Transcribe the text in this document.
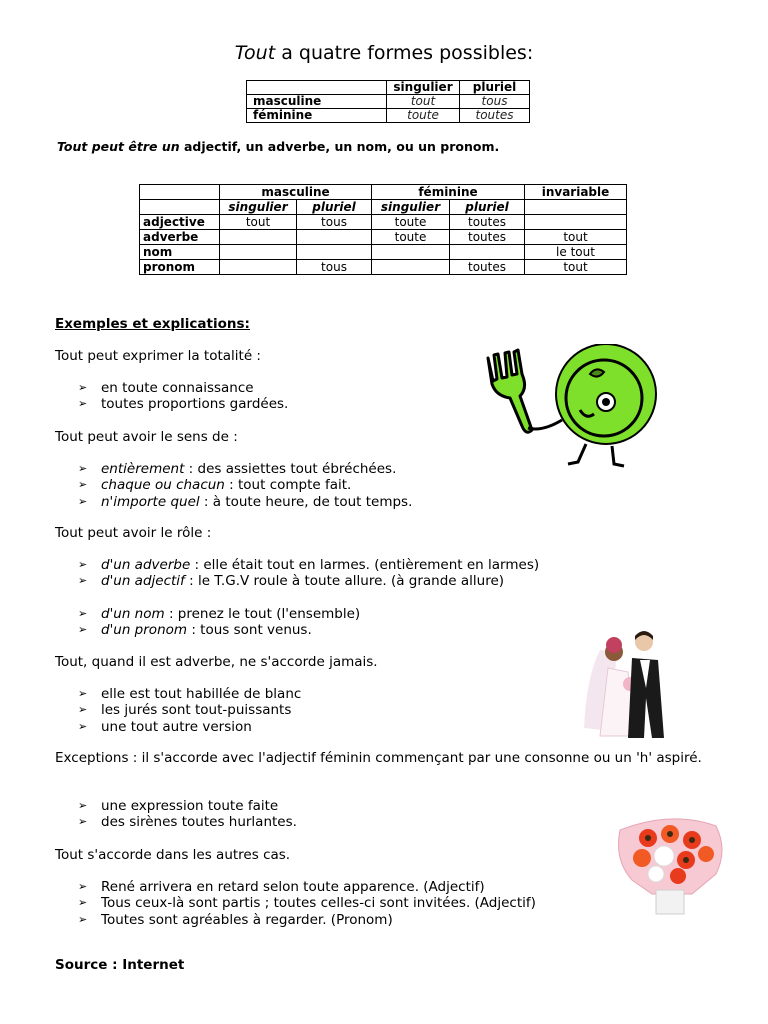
Tout a quatre formes possibles:
	singulier	pluriel
masculine	tout	tous
féminine	toute	toutes
Tout peut être un adjectif, un adverbe, un nom, ou un pronom.
	masculine		féminine		invariable
	singulier	pluriel	singulier	pluriel	
adjective	tout	tous	toute	toutes	
adverbe			toute	toutes	tout
nom					le tout
pronom		tous		toutes	tout
Exemples et explications:
Tout peut exprimer la totalité :
➢ en toute connaissance
➢ toutes proportions gardées.
Tout peut avoir le sens de :
➢ entièrement : des assiettes tout ébréchées.
➢ chaque ou chacun : tout compte fait.
➢ n'importe quel : à toute heure, de tout temps.
Tout peut avoir le rôle :
➢ d'un adverbe : elle était tout en larmes. (entièrement en larmes)
➢ d'un adjectif : le T.G.V roule à toute allure. (à grande allure)
➢ d'un nom : prenez le tout (l'ensemble)
➢ d'un pronom : tous sont venus.
Tout, quand il est adverbe, ne s'accorde jamais.
➢ elle est tout habillée de blanc
➢ les jurés sont tout-puissants
➢ une tout autre version
Exceptions : il s'accorde avec l'adjectif féminin commençant par une consonne ou un 'h' aspiré.
➢ une expression toute faite
➢ des sirènes toutes hurlantes.
Tout s'accorde dans les autres cas.
➢ René arrivera en retard selon toute apparence. (Adjectif)
➢ Tous ceux-là sont partis ; toutes celles-ci sont invitées. (Adjectif)
➢ Toutes sont agréables à regarder. (Pronom)
Source : Internet
